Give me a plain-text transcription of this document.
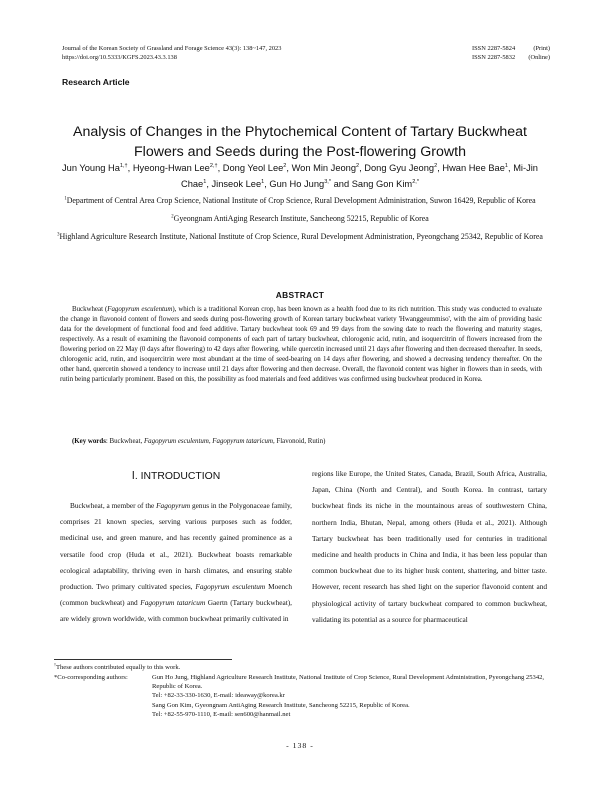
Journal of the Korean Society of Grassland and Forage Science 43(3): 138~147, 2023
https://doi.org/10.5333/KGFS.2023.43.3.138
ISSN 2287-5824	(Print)
ISSN 2287-5832 (Online)
Research Article
Analysis of Changes in the Phytochemical Content of Tartary Buckwheat
Flowers and Seeds during the Post-flowering Growth
Jun Young $Ha^{1,\dagger}$, Hyeong-Hwan Lee$^{2,\dagger}$, Dong Yeol Lee$^2$, Won Min Jeong$^2$, Dong Gyu Jeong$^2$, Hwan Hee Bae$^1$, Mi-Jin Chae$^1$, Jinseok Lee$^1$, Gun Ho Jung$^{3,*}$ and Sang Gon Kim$^{2,*}$
$^1$Department of Central Area Crop Science, National Institute of Crop Science, Rural Development Administration, Suwon 16429, Republic of Korea
$^2$Gyeongnam AntiAging Research Institute, Sancheong 52215, Republic of Korea
$^3$Highland Agriculture Research Institute, National Institute of Crop Science, Rural Development Administration, Pyeongchang 25342, Republic of Korea
ABSTRACT

Buckwheat (Fagopyrum esculentum), which is a traditional Korean crop, has been known as a health food due to its rich nutrition. This study was conducted to evaluate the change in flavonoid content of flowers and seeds during post-flowering growth of Korean tartary buckwheat variety 'Hwanggeummiso', with the aim of providing basic data for the development of functional food and feed additive. Tartary buckwheat took 69 and 99 days from the sowing date to reach the flowering and maturity stages, respectively. As a result of examining the flavonoid components of each part of tartary buckwheat, chlorogenic acid, rutin, and isoquercitrin of flowers increased from the flowering period on 22 May (0 days after flowering) to 42 days after flowering, while quercetin increased until 21 days after flowering and then decreased thereafter. In seeds, chlorogenic acid, rutin, and isoquercitrin were most abundant at the time of seed-bearing on 14 days after flowering, and showed a decreasing tendency thereafter. On the other hand, quercetin showed a tendency to increase until 21 days after flowering and then decrease. Overall, the flavonoid content was higher in flowers than in seeds, with rutin being particularly prominent. Based on this, the possibility as food materials and feed additives was confirmed using buckwheat produced in Korea.

(Key words: Buckwheat, Fagopyrum esculentum, Fagopyrum tataricum, Flavonoid, Rutin)
Ⅰ. INTRODUCTION

Buckwheat, a member of the Fagopyrum genus in the Polygonaceae family, comprises 21 known species, serving various purposes such as fodder, medicinal use, and green manure, and has recently gained prominence as a versatile food crop (Huda et al., 2021). Buckwheat boasts remarkable ecological adaptability, thriving even in harsh climates, and ensuring stable production. Two primary cultivated species, Fagopyrum esculentum Moench (common buckwheat) and Fagopyrum tataricum Gaertn (Tartary buckwheat), are widely grown worldwide, with common buckwheat primarily cultivated in

regions like Europe, the United States, Canada, Brazil, South Africa, Australia, Japan, China (North and Central), and South Korea. In contrast, tartary buckwheat finds its niche in the mountainous areas of southwestern China, northern India, Bhutan, Nepal, among others (Huda et al., 2021). Although Tartary buckwheat has been traditionally used for centuries in traditional medicine and health products in China and India, it has been less popular than common buckwheat due to its higher husk content, shattering, and bitter taste. However, recent research has shed light on the superior flavonoid content and physiological activity of tartary buckwheat compared to common buckwheat, validating its potential as a source for pharmaceutical

†These authors contributed equally to this work.
*Co-corresponding authors:	Gun Ho Jung, Highland Agriculture Research Institute, National Institute of Crop Science, Rural Development Administration, Pyeongchang 25342, Republic of Korea.
Tel: +82-33-330-1630, E-mail: ideaway@korea.kr
Sang Gon Kim, Gyeongnam AntiAging Research Institute, Sancheong 52215, Republic of Korea.
Tel: +82-55-970-1110, E-mail: sen600@hanmail.net
- 138 -
